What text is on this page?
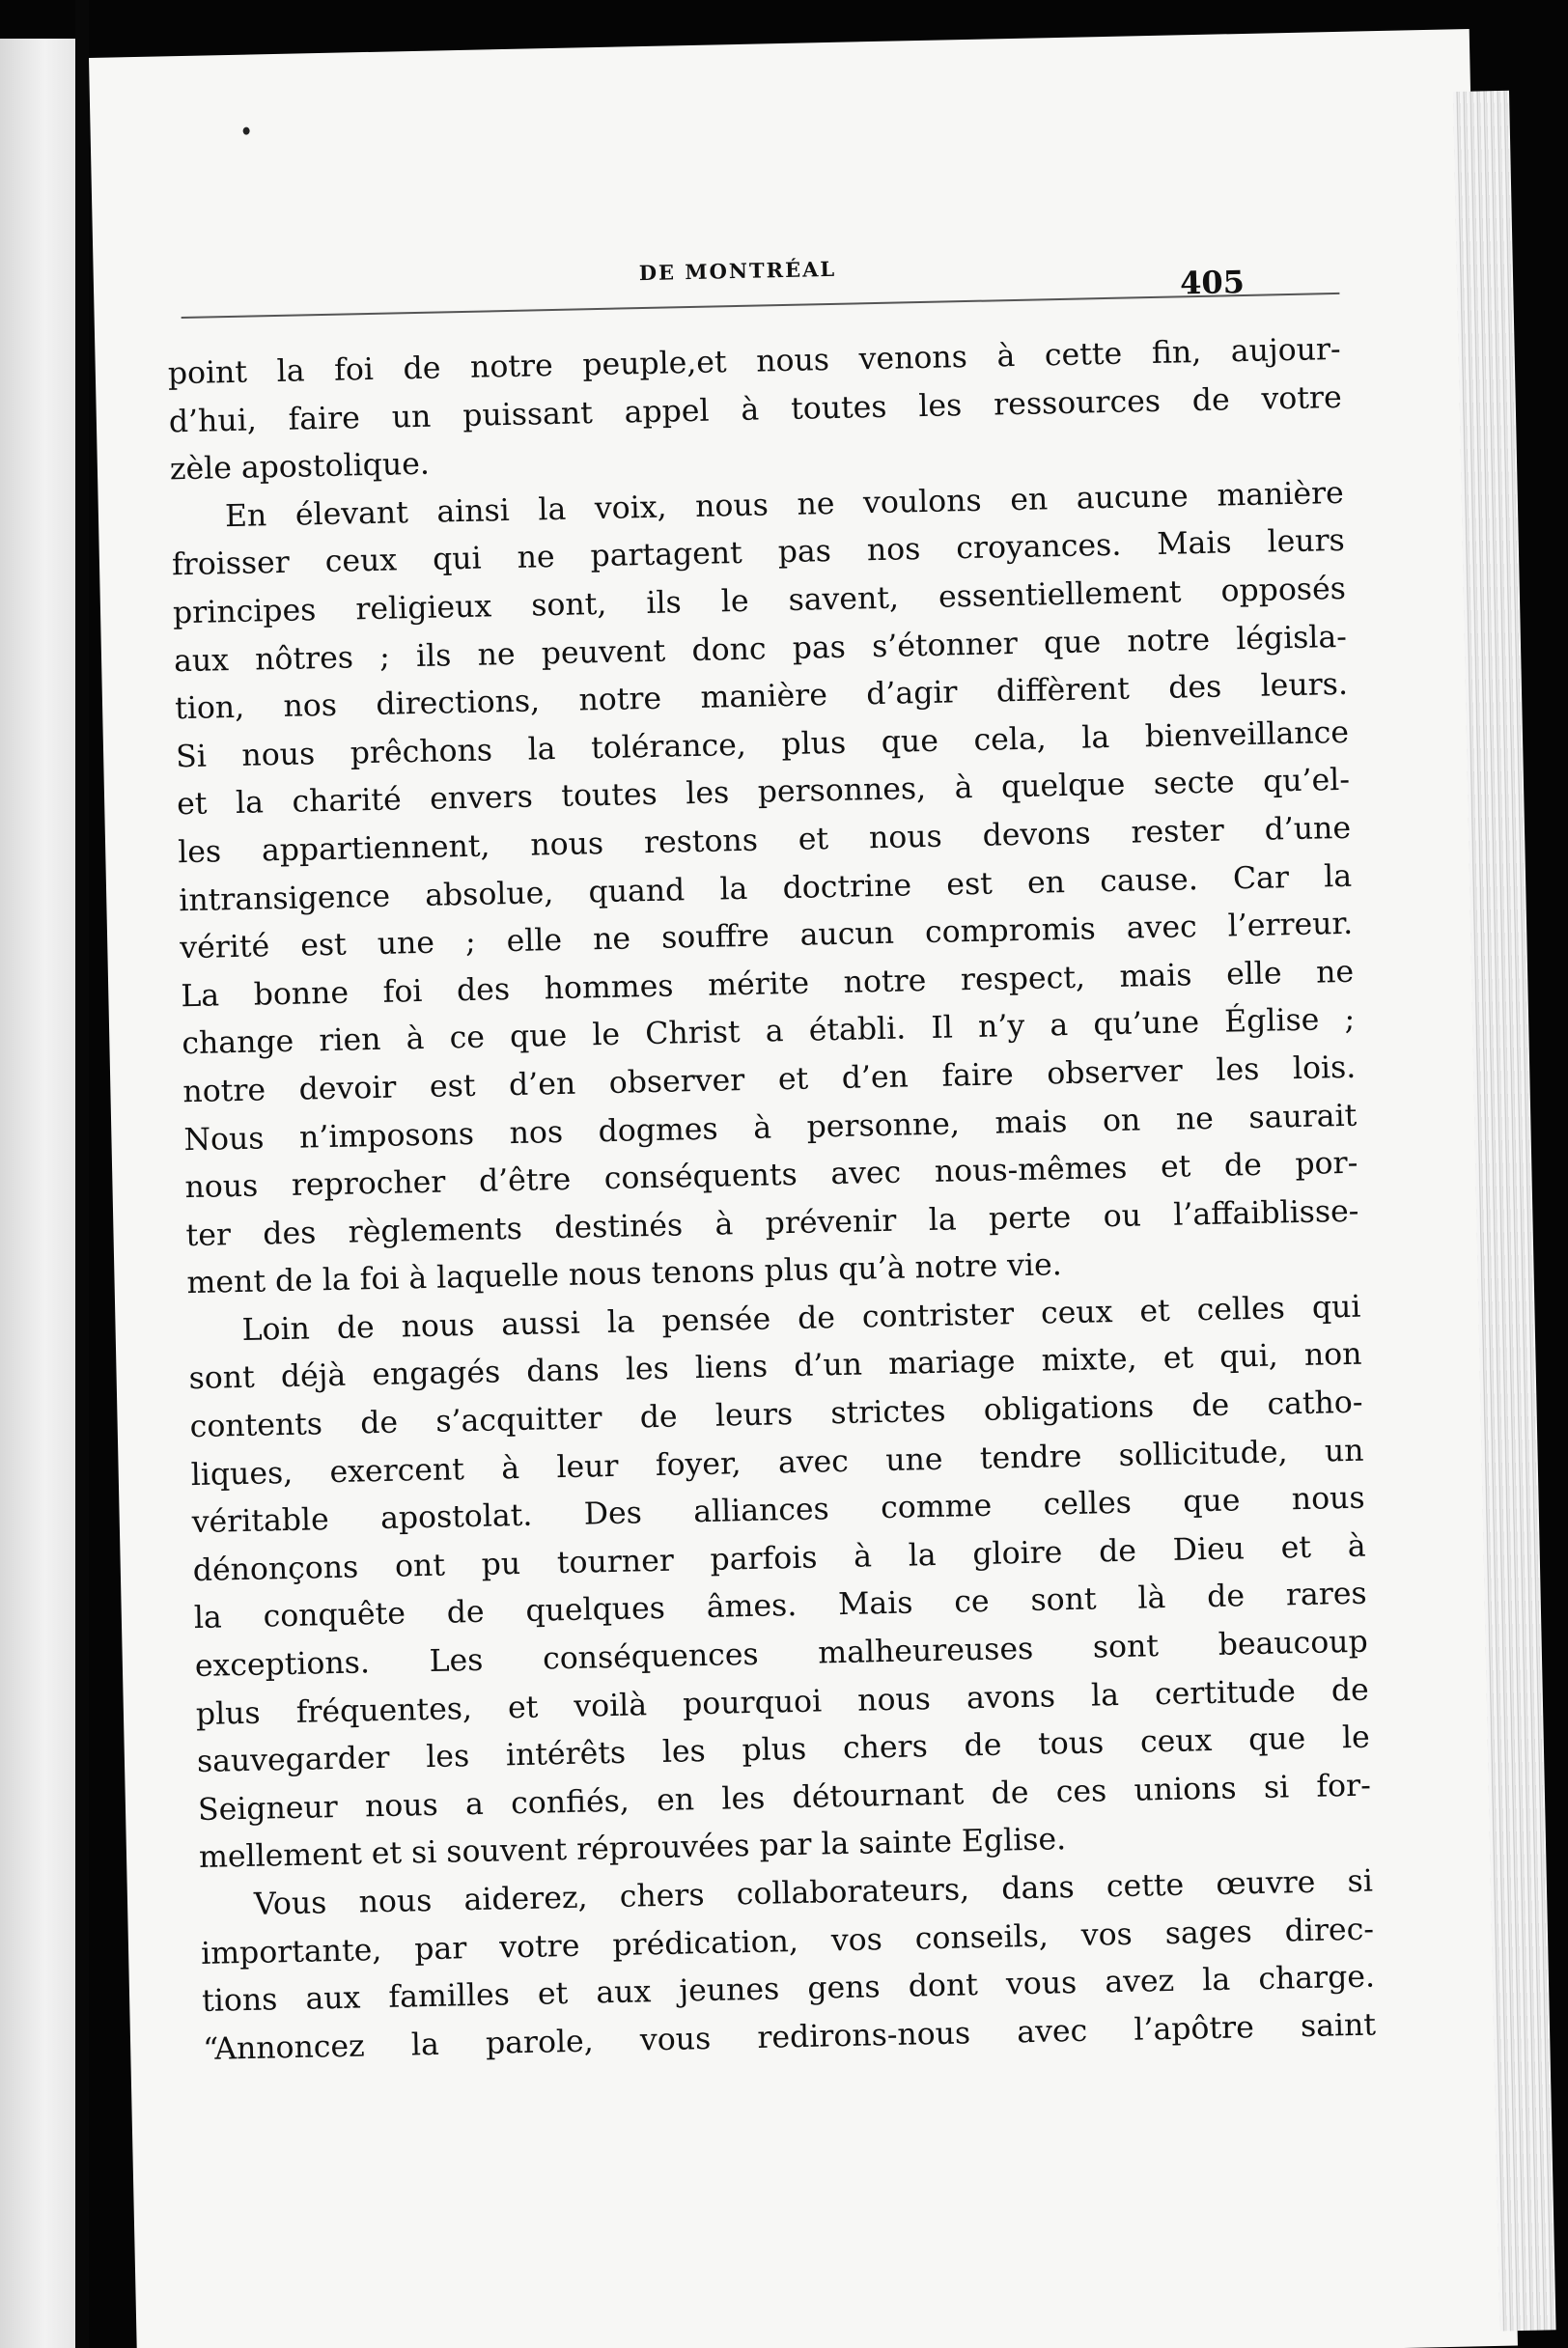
DE MONTRÉAL	405
point la foi de notre peuple,et nous venons à cette fin, aujour-
d’hui, faire un puissant appel à toutes les ressources de votre
zèle apostolique.
En élevant ainsi la voix, nous ne voulons en aucune manière
froisser ceux qui ne partagent pas nos croyances. Mais leurs
principes religieux sont, ils le savent, essentiellement opposés
aux nôtres ; ils ne peuvent donc pas s’étonner que notre législa-
tion, nos directions, notre manière d’agir diffèrent des leurs.
Si nous prêchons la tolérance, plus que cela, la bienveillance
et la charité envers toutes les personnes, à quelque secte qu’el-
les appartiennent, nous restons et nous devons rester d’une
intransigence absolue, quand la doctrine est en cause. Car la
vérité est une ; elle ne souffre aucun compromis avec l’erreur.
La bonne foi des hommes mérite notre respect, mais elle ne
change rien à ce que le Christ a établi. Il n’y a qu’une Église ;
notre devoir est d’en observer et d’en faire observer les lois.
Nous n’imposons nos dogmes à personne, mais on ne saurait
nous reprocher d’être conséquents avec nous-mêmes et de por-
ter des règlements destinés à prévenir la perte ou l’affaiblisse-
ment de la foi à laquelle nous tenons plus qu’à notre vie.
Loin de nous aussi la pensée de contrister ceux et celles qui
sont déjà engagés dans les liens d’un mariage mixte, et qui, non
contents de s’acquitter de leurs strictes obligations de catho-
liques, exercent à leur foyer, avec une tendre sollicitude, un
véritable apostolat. Des alliances comme celles que nous
dénonçons ont pu tourner parfois à la gloire de Dieu et à
la conquête de quelques âmes. Mais ce sont là de rares
exceptions. Les conséquences malheureuses sont beaucoup
plus fréquentes, et voilà pourquoi nous avons la certitude de
sauvegarder les intérêts les plus chers de tous ceux que le
Seigneur nous a confiés, en les détournant de ces unions si for-
mellement et si souvent réprouvées par la sainte Eglise.
Vous nous aiderez, chers collaborateurs, dans cette œuvre si
importante, par votre prédication, vos conseils, vos sages direc-
tions aux familles et aux jeunes gens dont vous avez la charge.
“Annoncez la parole, vous redirons-nous avec l’apôtre saint
